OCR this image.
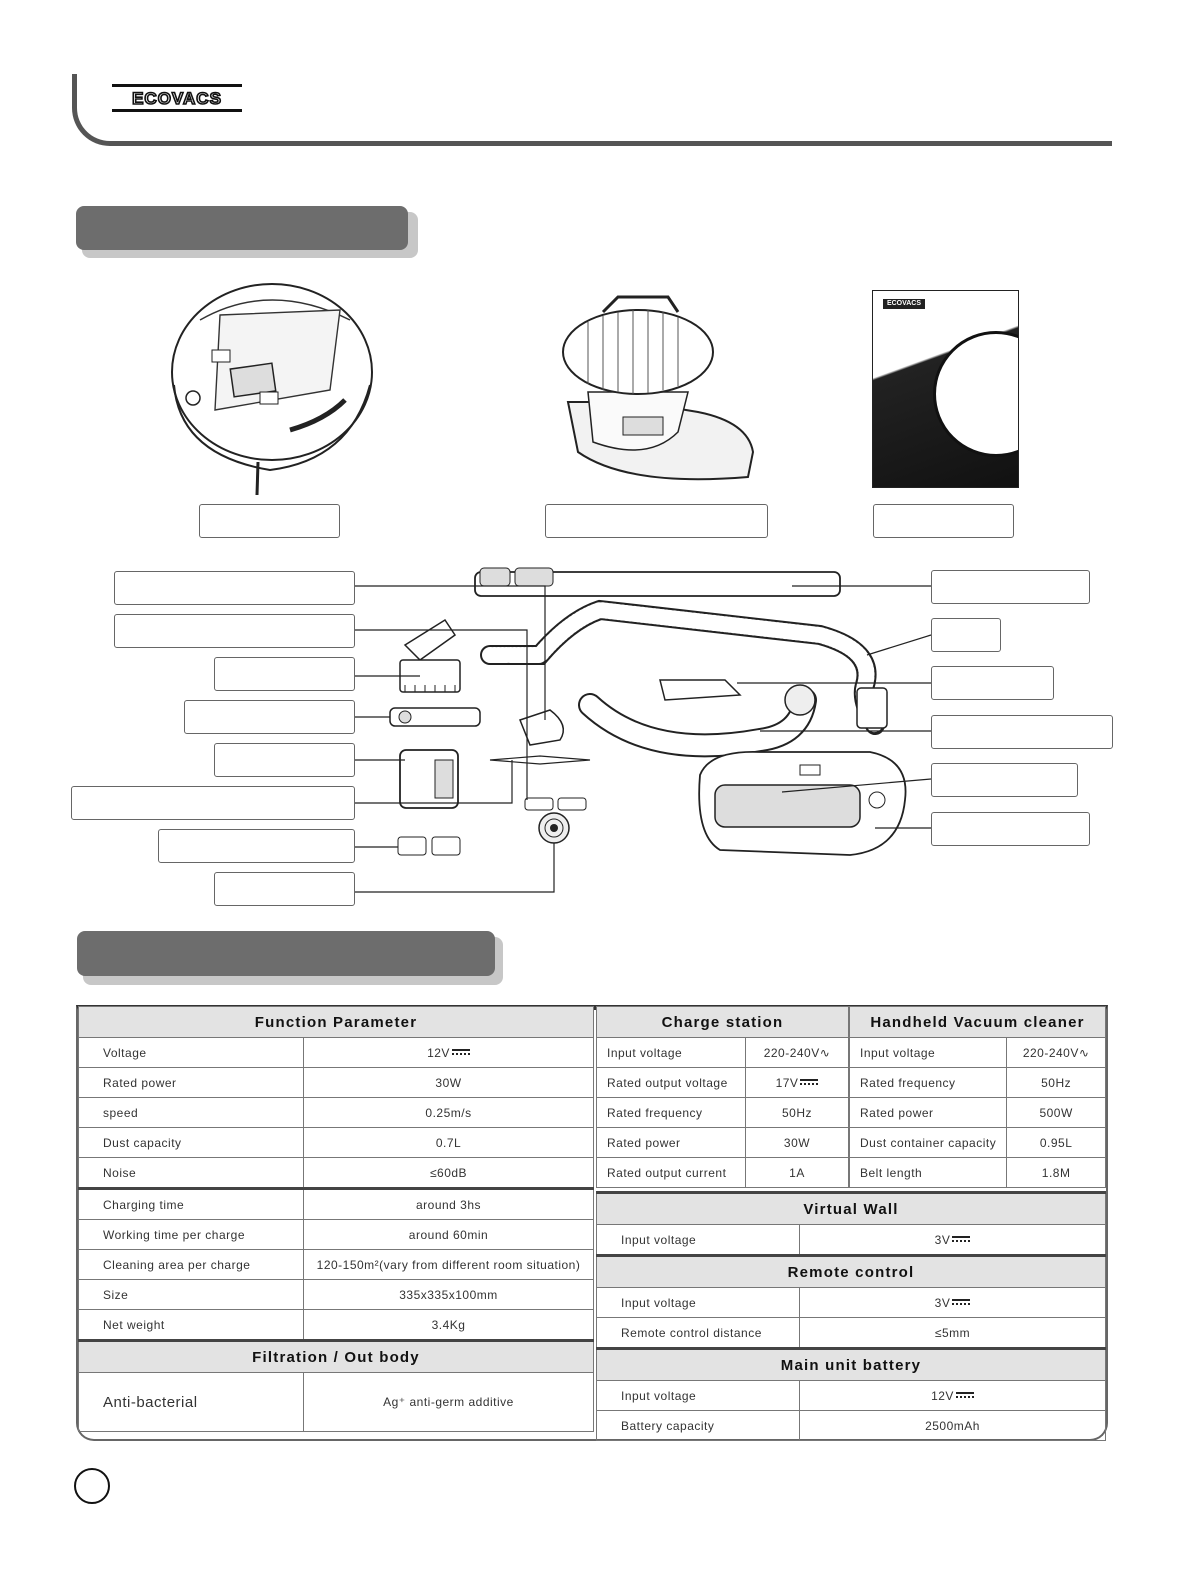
ECOVACS
ECOVACS
Function Parameter	
Voltage	12V
Rated power	30W
speed	0.25m/s
Dust capacity	0.7L
Noise	≤60dB
Charging time	around 3hs
Working time per charge	around 60min
Cleaning area per charge	120-150m²(vary from different room situation)
Size	335x335x100mm
Net weight	3.4Kg
Filtration / Out body	
Anti-bacterial	Ag⁺ anti-germ additive
Charge station	
Input voltage	220-240V∿
Rated output voltage	17V
Rated frequency	50Hz
Rated power	30W
Rated output current	1A
Handheld Vacuum cleaner	
Input voltage	220-240V∿
Rated frequency	50Hz
Rated power	500W
Dust container capacity	0.95L
Belt length	1.8M
Virtual Wall	
Input voltage	3V
Remote control	
Input voltage	3V
Remote control distance	≤5mm
Main unit battery	
Input voltage	12V
Battery capacity	2500mAh
